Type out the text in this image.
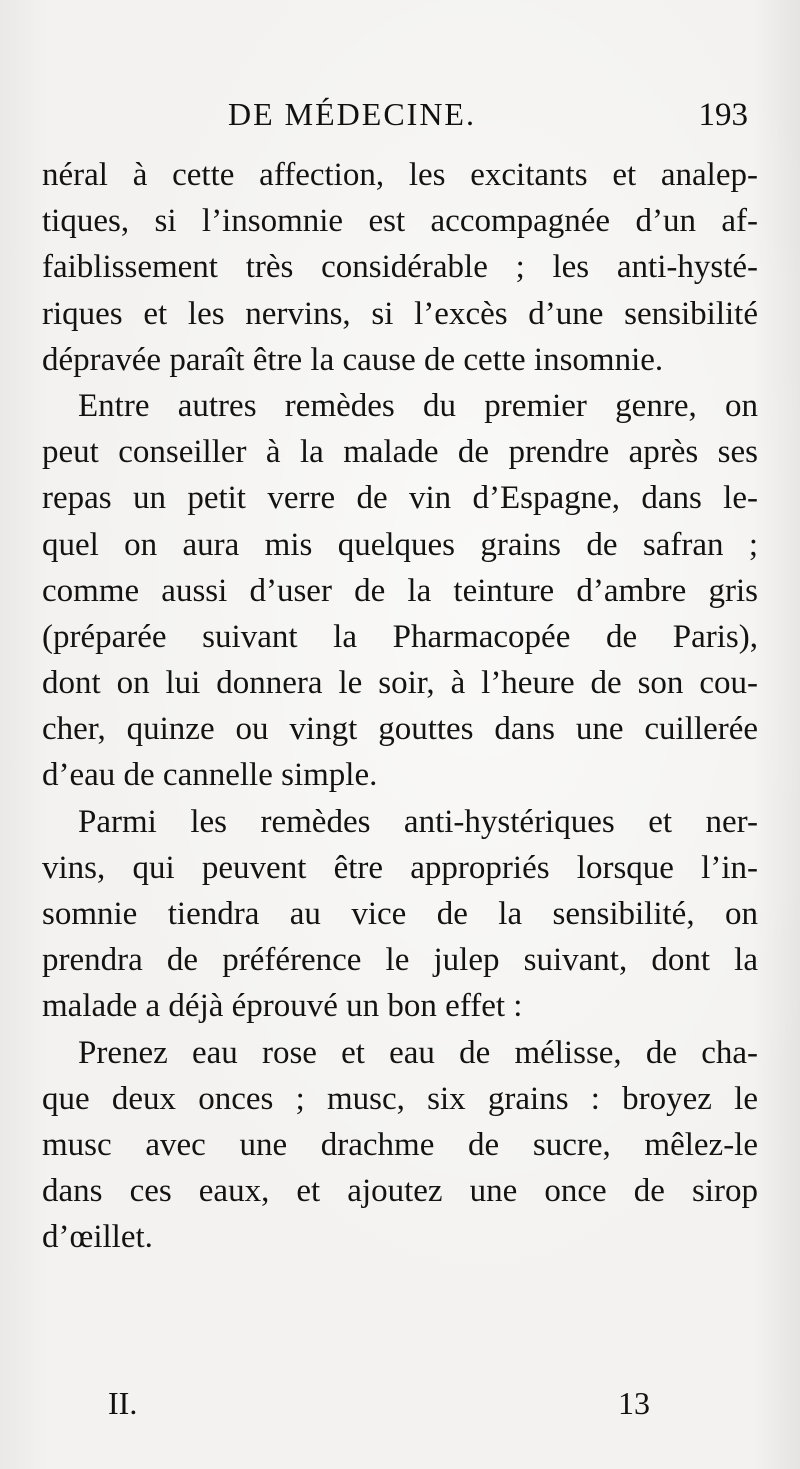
DE MÉDECINE.	193
néral à cette affection, les excitants et analep-
tiques, si l’insomnie est accompagnée d’un af-
faiblissement très considérable ; les anti-hysté-
riques et les nervins, si l’excès d’une sensibilité
dépravée paraît être la cause de cette insomnie.
Entre autres remèdes du premier genre, on
peut conseiller à la malade de prendre après ses
repas un petit verre de vin d’Espagne, dans le-
quel on aura mis quelques grains de safran ;
comme aussi d’user de la teinture d’ambre gris
(préparée suivant la Pharmacopée de Paris),
dont on lui donnera le soir, à l’heure de son cou-
cher, quinze ou vingt gouttes dans une cuillerée
d’eau de cannelle simple.
Parmi les remèdes anti-hystériques et ner-
vins, qui peuvent être appropriés lorsque l’in-
somnie tiendra au vice de la sensibilité, on
prendra de préférence le julep suivant, dont la
malade a déjà éprouvé un bon effet :
Prenez eau rose et eau de mélisse, de cha-
que deux onces ; musc, six grains : broyez le
musc avec une drachme de sucre, mêlez-le
dans ces eaux, et ajoutez une once de sirop
d’œillet.
II.	13
